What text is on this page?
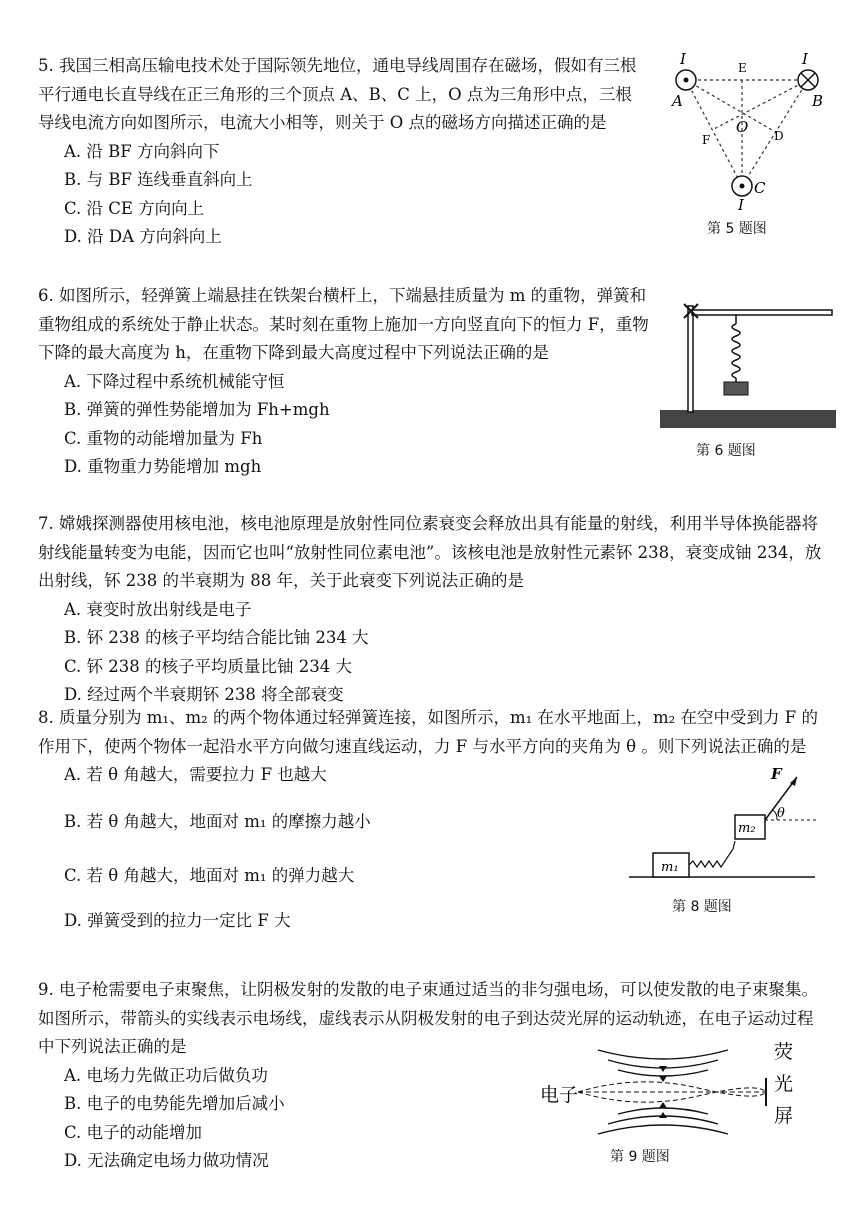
5. 我国三相高压输电技术处于国际领先地位，通电导线周围存在磁场，假如有三根平行通电长直导线在正三角形的三个顶点 A、B、C 上，O 点为三角形中点，三根导线电流方向如图所示，电流大小相等，则关于 O 点的磁场方向描述正确的是

A. 沿 BF 方向斜向下

B. 与 BF 连线垂直斜向上

C. 沿 CE 方向向上

D. 沿 DA 方向斜向上

I	I
I
A	B
C
E
O D
F
第 5 题图

6. 如图所示，轻弹簧上端悬挂在铁架台横杆上，下端悬挂质量为 m 的重物，弹簧和重物组成的系统处于静止状态。某时刻在重物上施加一方向竖直向下的恒力 F，重物下降的最大高度为 h，在重物下降到最大高度过程中下列说法正确的是

A. 下降过程中系统机械能守恒

B. 弹簧的弹性势能增加为 Fh+mgh

C. 重物的动能增加量为 Fh

D. 重物重力势能增加 mgh

第 6 题图

7. 嫦娥探测器使用核电池，核电池原理是放射性同位素衰变会释放出具有能量的射线，利用半导体换能器将射线能量转变为电能，因而它也叫“放射性同位素电池”。该核电池是放射性元素钚 238，衰变成铀 234，放出射线，钚 238 的半衰期为 88 年，关于此衰变下列说法正确的是

A. 衰变时放出射线是电子

B. 钚 238 的核子平均结合能比铀 234 大

C. 钚 238 的核子平均质量比铀 234 大

D. 经过两个半衰期钚 238 将全部衰变

8. 质量分别为 m₁、m₂ 的两个物体通过轻弹簧连接，如图所示，m₁ 在水平地面上，m₂ 在空中受到力 F 的作用下，使两个物体一起沿水平方向做匀速直线运动，力 F 与水平方向的夹角为 θ 。则下列说法正确的是

A. 若 θ 角越大，需要拉力 F 也越大

B. 若 θ 角越大，地面对 m₁ 的摩擦力越小

C. 若 θ 角越大，地面对 m₁ 的弹力越大

D. 弹簧受到的拉力一定比 F 大

F
θ
m₁
m₂
第 8 题图

9. 电子枪需要电子束聚焦，让阴极发射的发散的电子束通过适当的非匀强电场，可以使发散的电子束聚集。如图所示，带箭头的实线表示电场线，虚线表示从阴极发射的电子到达荧光屏的运动轨迹，在电子运动过程中下列说法正确的是

A. 电场力先做正功后做负功

B. 电子的电势能先增加后减小

C. 电子的动能增加

D. 无法确定电场力做功情况

电子
荧
光
屏
第 9 题图
